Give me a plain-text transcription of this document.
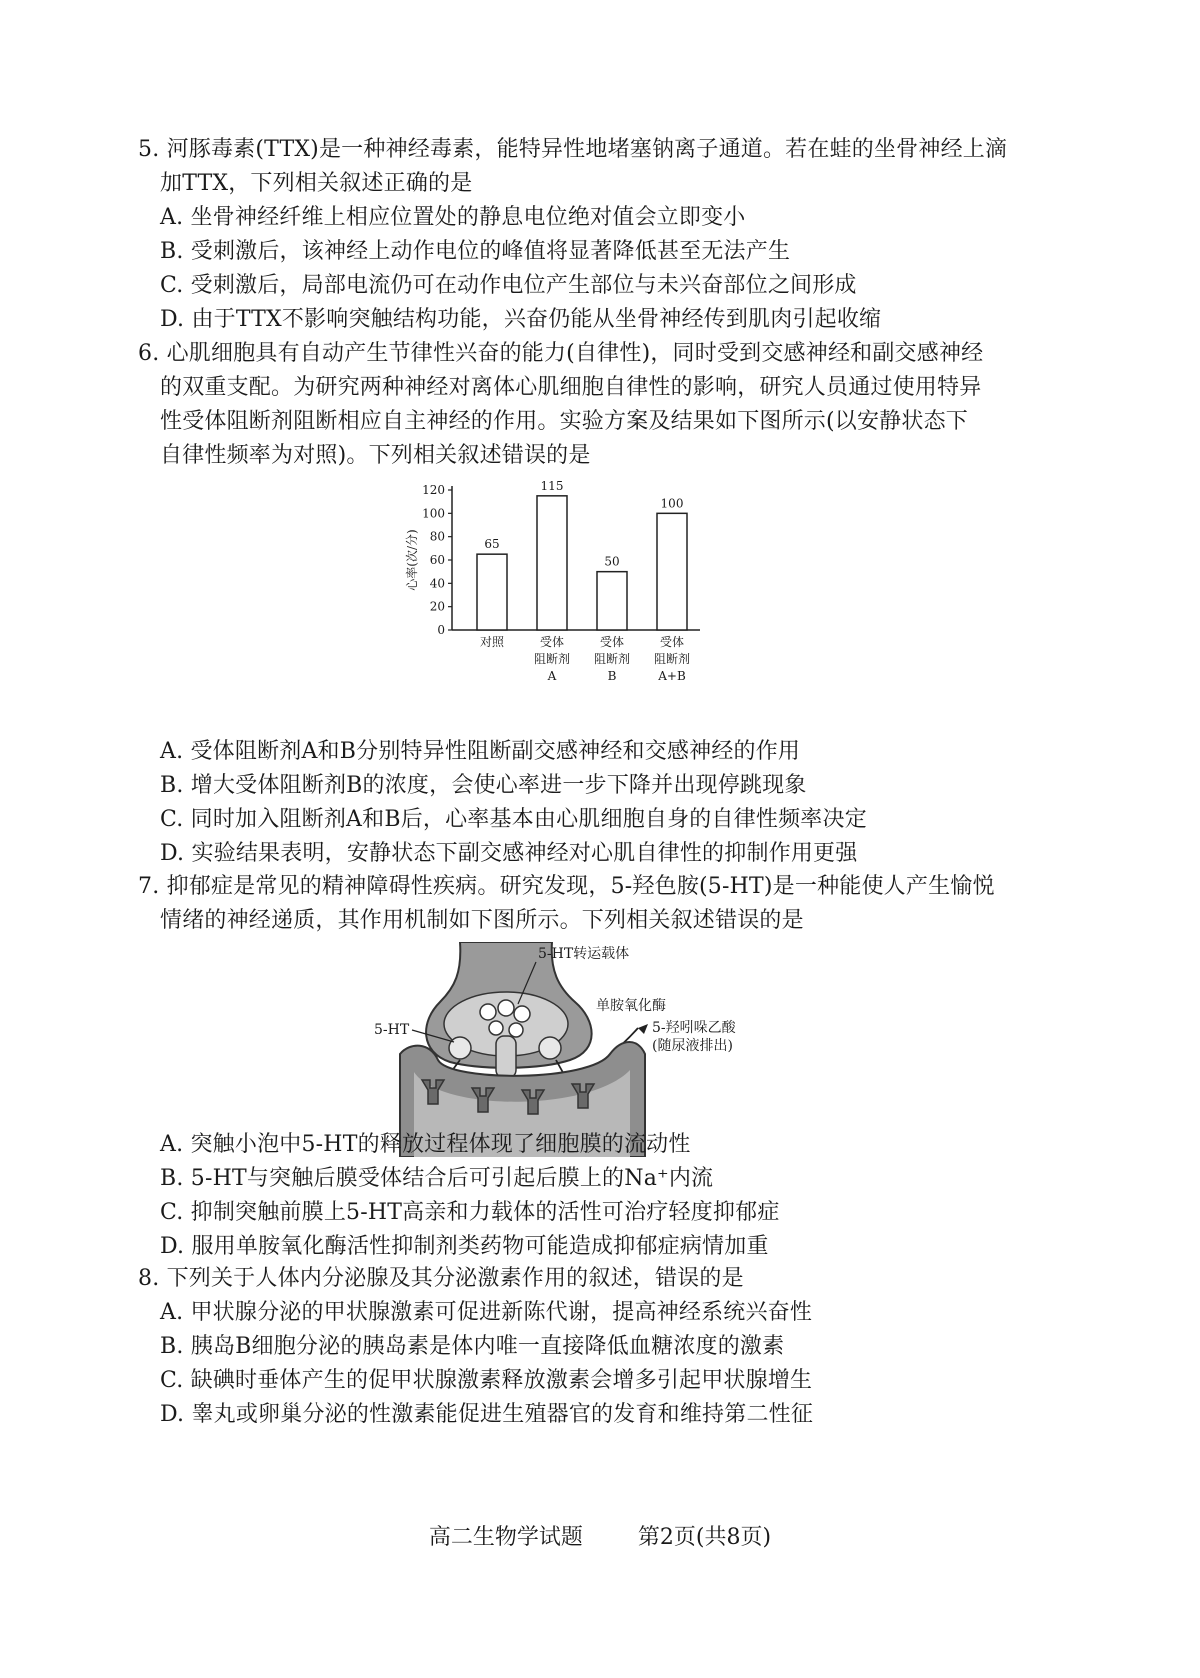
5. 河豚毒素(TTX)是一种神经毒素，能特异性地堵塞钠离子通道。若在蛙的坐骨神经上滴
加TTX，下列相关叙述正确的是
A. 坐骨神经纤维上相应位置处的静息电位绝对值会立即变小
B. 受刺激后，该神经上动作电位的峰值将显著降低甚至无法产生
C. 受刺激后，局部电流仍可在动作电位产生部位与未兴奋部位之间形成
D. 由于TTX不影响突触结构功能，兴奋仍能从坐骨神经传到肌肉引起收缩
6. 心肌细胞具有自动产生节律性兴奋的能力(自律性)，同时受到交感神经和副交感神经
的双重支配。为研究两种神经对离体心肌细胞自律性的影响，研究人员通过使用特异
性受体阻断剂阻断相应自主神经的作用。实验方案及结果如下图所示(以安静状态下
自律性频率为对照)。下列相关叙述错误的是
0
20
40
60
80
100
120
心率(次/分)	65
对照
115
受体
阻断剂
A
50
受体
阻断剂
B
100
受体
阻断剂
A+B
A. 受体阻断剂A和B分别特异性阻断副交感神经和交感神经的作用
B. 增大受体阻断剂B的浓度，会使心率进一步下降并出现停跳现象
C. 同时加入阻断剂A和B后，心率基本由心肌细胞自身的自律性频率决定
D. 实验结果表明，安静状态下副交感神经对心肌自律性的抑制作用更强
7. 抑郁症是常见的精神障碍性疾病。研究发现，5-羟色胺(5-HT)是一种能使人产生愉悦
情绪的神经递质，其作用机制如下图所示。下列相关叙述错误的是
5-HT转运载体
5-HT
单胺氧化酶
5-羟吲哚乙酸
(随尿液排出)
A. 突触小泡中5-HT的释放过程体现了细胞膜的流动性
B. 5-HT与突触后膜受体结合后可引起后膜上的Na⁺内流
C. 抑制突触前膜上5-HT高亲和力载体的活性可治疗轻度抑郁症
D. 服用单胺氧化酶活性抑制剂类药物可能造成抑郁症病情加重
8. 下列关于人体内分泌腺及其分泌激素作用的叙述，错误的是
A. 甲状腺分泌的甲状腺激素可促进新陈代谢，提高神经系统兴奋性
B. 胰岛B细胞分泌的胰岛素是体内唯一直接降低血糖浓度的激素
C. 缺碘时垂体产生的促甲状腺激素释放激素会增多引起甲状腺增生
D. 睾丸或卵巢分泌的性激素能促进生殖器官的发育和维持第二性征
高二生物学试题	第2页(共8页)
